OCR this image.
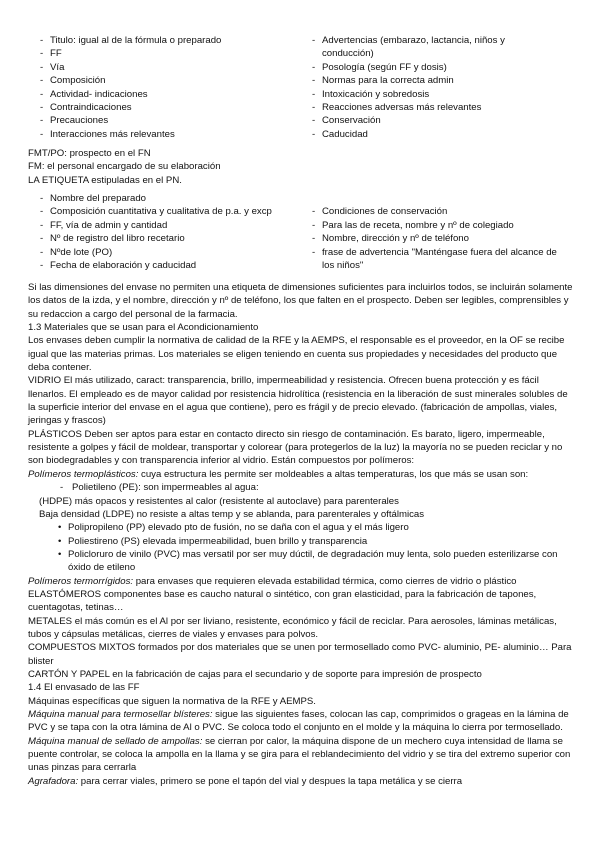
- Titulo: igual al de la fórmula o preparado
- FF
- Vía
- Composición
- Actividad- indicaciones
- Contraindicaciones
- Precauciones
- Interacciones más relevantes
- Advertencias (embarazo, lactancia, niños y conducción)
- Posología (según FF y dosis)
- Normas para la correcta admin
- Intoxicación y sobredosis
- Reacciones adversas más relevantes
- Conservación
- Caducidad

FMT/PO: prospecto en el FN

FM: el personal encargado de su elaboración

LA ETIQUETA estipuladas en el PN.

- Nombre del preparado
- Composición cuantitativa y cualitativa de p.a. y excp
- FF, vía de admin y cantidad
- Nº de registro del libro recetario
- Nºde lote (PO)
- Fecha de elaboración y caducidad
- Condiciones de conservación
- Para las de receta, nombre y nº de colegiado
- Nombre, dirección y nº de teléfono
- frase de advertencia "Manténgase fuera del alcance de los niños"

Si las dimensiones del envase no permiten una etiqueta de dimensiones suficientes para incluirlos todos, se incluirán solamente los datos de la izda, y el nombre, dirección y nº de teléfono, los que falten en el prospecto. Deben ser legibles, comprensibles y su redaccion a cargo del personal de la farmacia.

1.3 Materiales que se usan para el Acondicionamiento

Los envases deben cumplir la normativa de calidad de la RFE y la AEMPS, el responsable es el proveedor, en la OF se recibe igual que las materias primas. Los materiales se eligen teniendo en cuenta sus propiedades y necesidades del producto que deba contener.

VIDRIO El más utilizado, caract: transparencia, brillo, impermeabilidad y resistencia. Ofrecen buena protección y es fácil llenarlos. El empleado es de mayor calidad por resistencia hidrolítica (resistencia en la liberación de sust minerales solubles de la superficie interior del envase en el agua que contiene), pero es frágil y de precio elevado. (fabricación de ampollas, viales, jeringas y frascos)

PLÁSTICOS Deben ser aptos para estar en contacto directo sin riesgo de contaminación. Es barato, ligero, impermeable, resistente a golpes y fácil de moldear, transportar y colorear (para protegerlos de la luz) la mayoría no se pueden reciclar y no son biodegradables y con transparencia inferior al vidrio. Están compuestos por polímeros:

Polímeros termoplásticos: cuya estructura les permite ser moldeables a altas temperaturas, los que más se usan son:

- Polietileno (PE): son impermeables al agua:

(HDPE) más opacos y resistentes al calor (resistente al autoclave) para parenterales

Baja densidad (LDPE) no resiste a altas temp y se ablanda, para parenterales y oftálmicas

• Polipropileno (PP) elevado pto de fusión, no se daña con el agua y el más ligero
• Poliestireno (PS) elevada impermeabilidad, buen brillo y transparencia
• Policloruro de vinilo (PVC) mas versatil por ser muy dúctil, de degradación muy lenta, solo pueden esterilizarse con óxido de etileno

Polímeros termorrígidos: para envases que requieren elevada estabilidad térmica, como cierres de vidrio o plástico

ELASTÓMEROS componentes base es caucho natural o sintético, con gran elasticidad, para la fabricación de tapones, cuentagotas, tetinas…

METALES el más común es el Al por ser liviano, resistente, económico y fácil de reciclar. Para aerosoles, láminas metálicas, tubos y cápsulas metálicas, cierres de viales y envases para polvos.

COMPUESTOS MIXTOS formados por dos materiales que se unen por termosellado como PVC- aluminio, PE- aluminio… Para blister

CARTÓN Y PAPEL en la fabricación de cajas para el secundario y de soporte para impresión de prospecto

1.4 El envasado de las FF

Máquinas específicas que siguen la normativa de la RFE y AEMPS.

Máquina manual para termosellar blísteres: sigue las siguientes fases, colocan las cap, comprimidos o grageas en la lámina de PVC y se tapa con la otra lámina de Al o PVC. Se coloca todo el conjunto en el molde y la máquina lo cierra por termosellado.

Máquina manual de sellado de ampollas: se cierran por calor, la máquina dispone de un mechero cuya intensidad de llama se puente controlar, se coloca la ampolla en la llama y se gira para el reblandecimiento del vidrio y se tira del extremo superior con unas pinzas para cerrarla

Agrafadora: para cerrar viales, primero se pone el tapón del vial y despues la tapa metálica y se cierra
